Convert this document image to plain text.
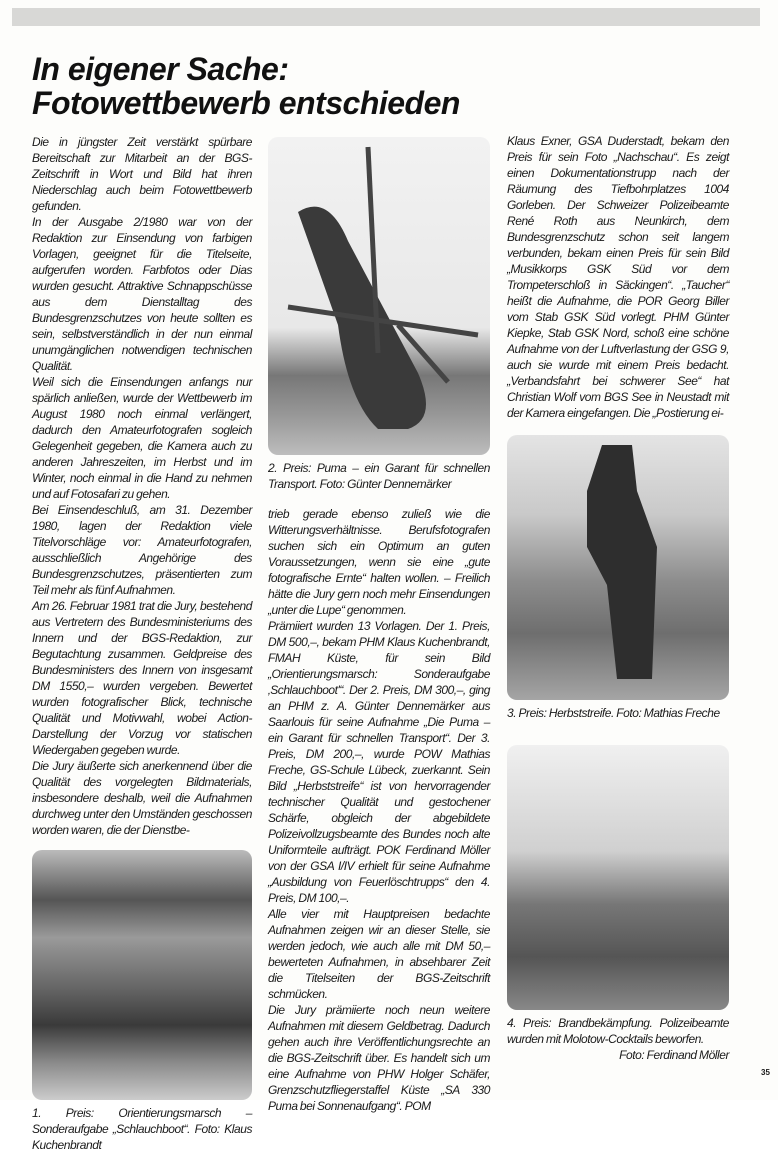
In eigener Sache:
Fotowettbewerb entschieden

Die in jüngster Zeit verstärkt spürbare Bereitschaft zur Mitarbeit an der BGS-Zeitschrift in Wort und Bild hat ihren Niederschlag auch beim Fotowettbewerb gefunden.

In der Ausgabe 2/1980 war von der Redaktion zur Einsendung von farbigen Vorlagen, geeignet für die Titelseite, aufgerufen worden. Farbfotos oder Dias wurden gesucht. Attraktive Schnappschüsse aus dem Dienstalltag des Bundesgrenzschutzes von heute sollten es sein, selbstverständlich in der nun einmal unumgänglichen notwendigen technischen Qualität.

Weil sich die Einsendungen anfangs nur spärlich anließen, wurde der Wettbewerb im August 1980 noch einmal verlängert, dadurch den Amateurfotografen sogleich Gelegenheit gegeben, die Kamera auch zu anderen Jahreszeiten, im Herbst und im Winter, noch einmal in die Hand zu nehmen und auf Fotosafari zu gehen.

Bei Einsendeschluß, am 31. Dezember 1980, lagen der Redaktion viele Titelvorschläge vor: Amateurfotografen, ausschließlich Angehörige des Bundesgrenzschutzes, präsentierten zum Teil mehr als fünf Aufnahmen.

Am 26. Februar 1981 trat die Jury, bestehend aus Vertretern des Bundesministeriums des Innern und der BGS-Redaktion, zur Begutachtung zusammen. Geldpreise des Bundesministers des Innern von insgesamt DM 1550,– wurden vergeben. Bewertet wurden fotografischer Blick, technische Qualität und Motivwahl, wobei Action-Darstellung der Vorzug vor statischen Wiedergaben gegeben wurde.

Die Jury äußerte sich anerkennend über die Qualität des vorgelegten Bildmaterials, insbesondere deshalb, weil die Aufnahmen durchweg unter den Umständen geschossen worden waren, die der Dienstbe-

1. Preis: Orientierungsmarsch – Sonderaufgabe „Schlauchboot“. Foto: Klaus Kuchenbrandt
2. Preis: Puma – ein Garant für schnellen Transport. Foto: Günter Dennemärker

trieb gerade ebenso zuließ wie die Witterungsverhältnisse. Berufsfotografen suchen sich ein Optimum an guten Voraussetzungen, wenn sie eine „gute fotografische Ernte“ halten wollen. – Freilich hätte die Jury gern noch mehr Einsendungen „unter die Lupe“ genommen.

Prämiiert wurden 13 Vorlagen. Der 1. Preis, DM 500,–, bekam PHM Klaus Kuchenbrandt, FMAH Küste, für sein Bild „Orientierungsmarsch: Sonderaufgabe ‚Schlauchboot'“. Der 2. Preis, DM 300,–, ging an PHM z. A. Günter Dennemärker aus Saarlouis für seine Aufnahme „Die Puma – ein Garant für schnellen Transport“. Der 3. Preis, DM 200,–, wurde POW Mathias Freche, GS-Schule Lübeck, zuerkannt. Sein Bild „Herbststreife“ ist von hervorragender technischer Qualität und gestochener Schärfe, obgleich der abgebildete Polizeivollzugsbeamte des Bundes noch alte Uniformteile aufträgt. POK Ferdinand Möller von der GSA I/IV erhielt für seine Aufnahme „Ausbildung von Feuerlöschtrupps“ den 4. Preis, DM 100,–.

Alle vier mit Hauptpreisen bedachte Aufnahmen zeigen wir an dieser Stelle, sie werden jedoch, wie auch alle mit DM 50,– bewerteten Aufnahmen, in absehbarer Zeit die Titelseiten der BGS-Zeitschrift schmücken.

Die Jury prämiierte noch neun weitere Aufnahmen mit diesem Geldbetrag. Dadurch gehen auch ihre Veröffentlichungsrechte an die BGS-Zeitschrift über. Es handelt sich um eine Aufnahme von PHW Holger Schäfer, Grenzschutzfliegerstaffel Küste „SA 330 Puma bei Sonnenaufgang“. POM

Klaus Exner, GSA Duderstadt, bekam den Preis für sein Foto „Nachschau“. Es zeigt einen Dokumentationstrupp nach der Räumung des Tiefbohrplatzes 1004 Gorleben. Der Schweizer Polizeibeamte René Roth aus Neunkirch, dem Bundesgrenzschutz schon seit langem verbunden, bekam einen Preis für sein Bild „Musikkorps GSK Süd vor dem Trompeterschloß in Säckingen“. „Taucher“ heißt die Aufnahme, die POR Georg Biller vom Stab GSK Süd vorlegt. PHM Günter Kiepke, Stab GSK Nord, schoß eine schöne Aufnahme von der Luftverlastung der GSG 9, auch sie wurde mit einem Preis bedacht. „Verbandsfahrt bei schwerer See“ hat Christian Wolf vom BGS See in Neustadt mit der Kamera eingefangen. Die „Postierung ei-

3. Preis: Herbststreife. Foto: Mathias Freche
4. Preis: Brandbekämpfung. Polizeibeamte wurden mit Molotow-Cocktails beworfen.
Foto: Ferdinand Möller
35
